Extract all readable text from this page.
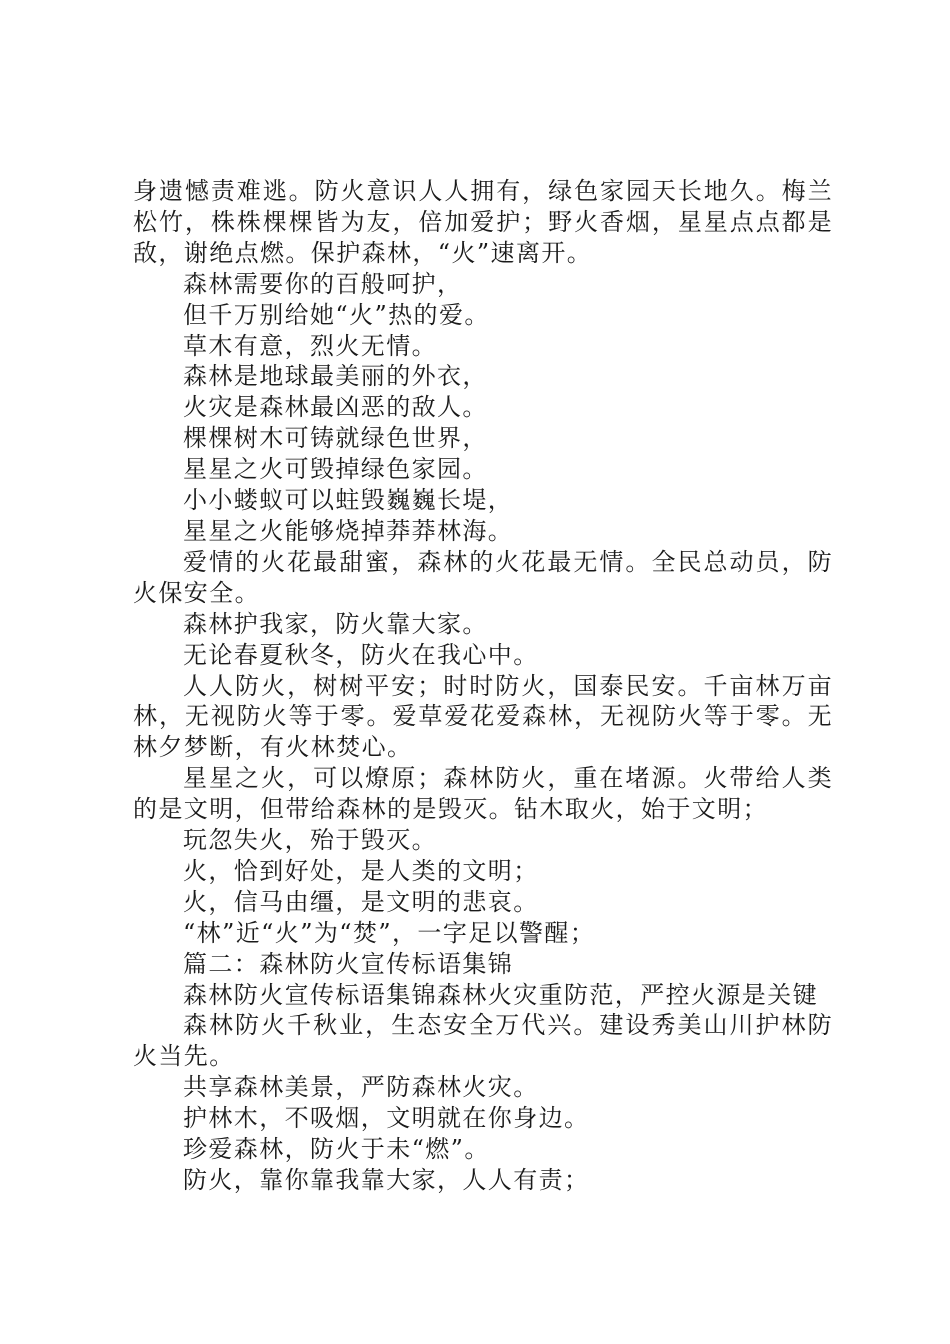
身遗憾责难逃。防火意识人人拥有，绿色家园天长地久。梅兰松竹，株株棵棵皆为友，倍加爱护；野火香烟，星星点点都是敌，谢绝点燃。保护森林，“火”速离开。

森林需要你的百般呵护，

但千万别给她“火”热的爱。

草木有意，烈火无情。

森林是地球最美丽的外衣，

火灾是森林最凶恶的敌人。

棵棵树木可铸就绿色世界，

星星之火可毁掉绿色家园。

小小蝼蚁可以蛀毁巍巍长堤，

星星之火能够烧掉莽莽林海。

爱情的火花最甜蜜，森林的火花最无情。全民总动员，防火保安全。

森林护我家，防火靠大家。

无论春夏秋冬，防火在我心中。

人人防火，树树平安；时时防火，国泰民安。千亩林万亩林，无视防火等于零。爱草爱花爱森林，无视防火等于零。无林夕梦断，有火林焚心。

星星之火，可以燎原；森林防火，重在堵源。火带给人类的是文明，但带给森林的是毁灭。钻木取火，始于文明；

玩忽失火，殆于毁灭。

火，恰到好处，是人类的文明；

火，信马由缰，是文明的悲哀。

“林”近“火”为“焚”，一字足以警醒；

篇二：森林防火宣传标语集锦

森林防火宣传标语集锦森林火灾重防范，严控火源是关键

森林防火千秋业，生态安全万代兴。建设秀美山川护林防火当先。

共享森林美景，严防森林火灾。

护林木，不吸烟，文明就在你身边。

珍爱森林，防火于未“燃”。

防火，靠你靠我靠大家，人人有责；
